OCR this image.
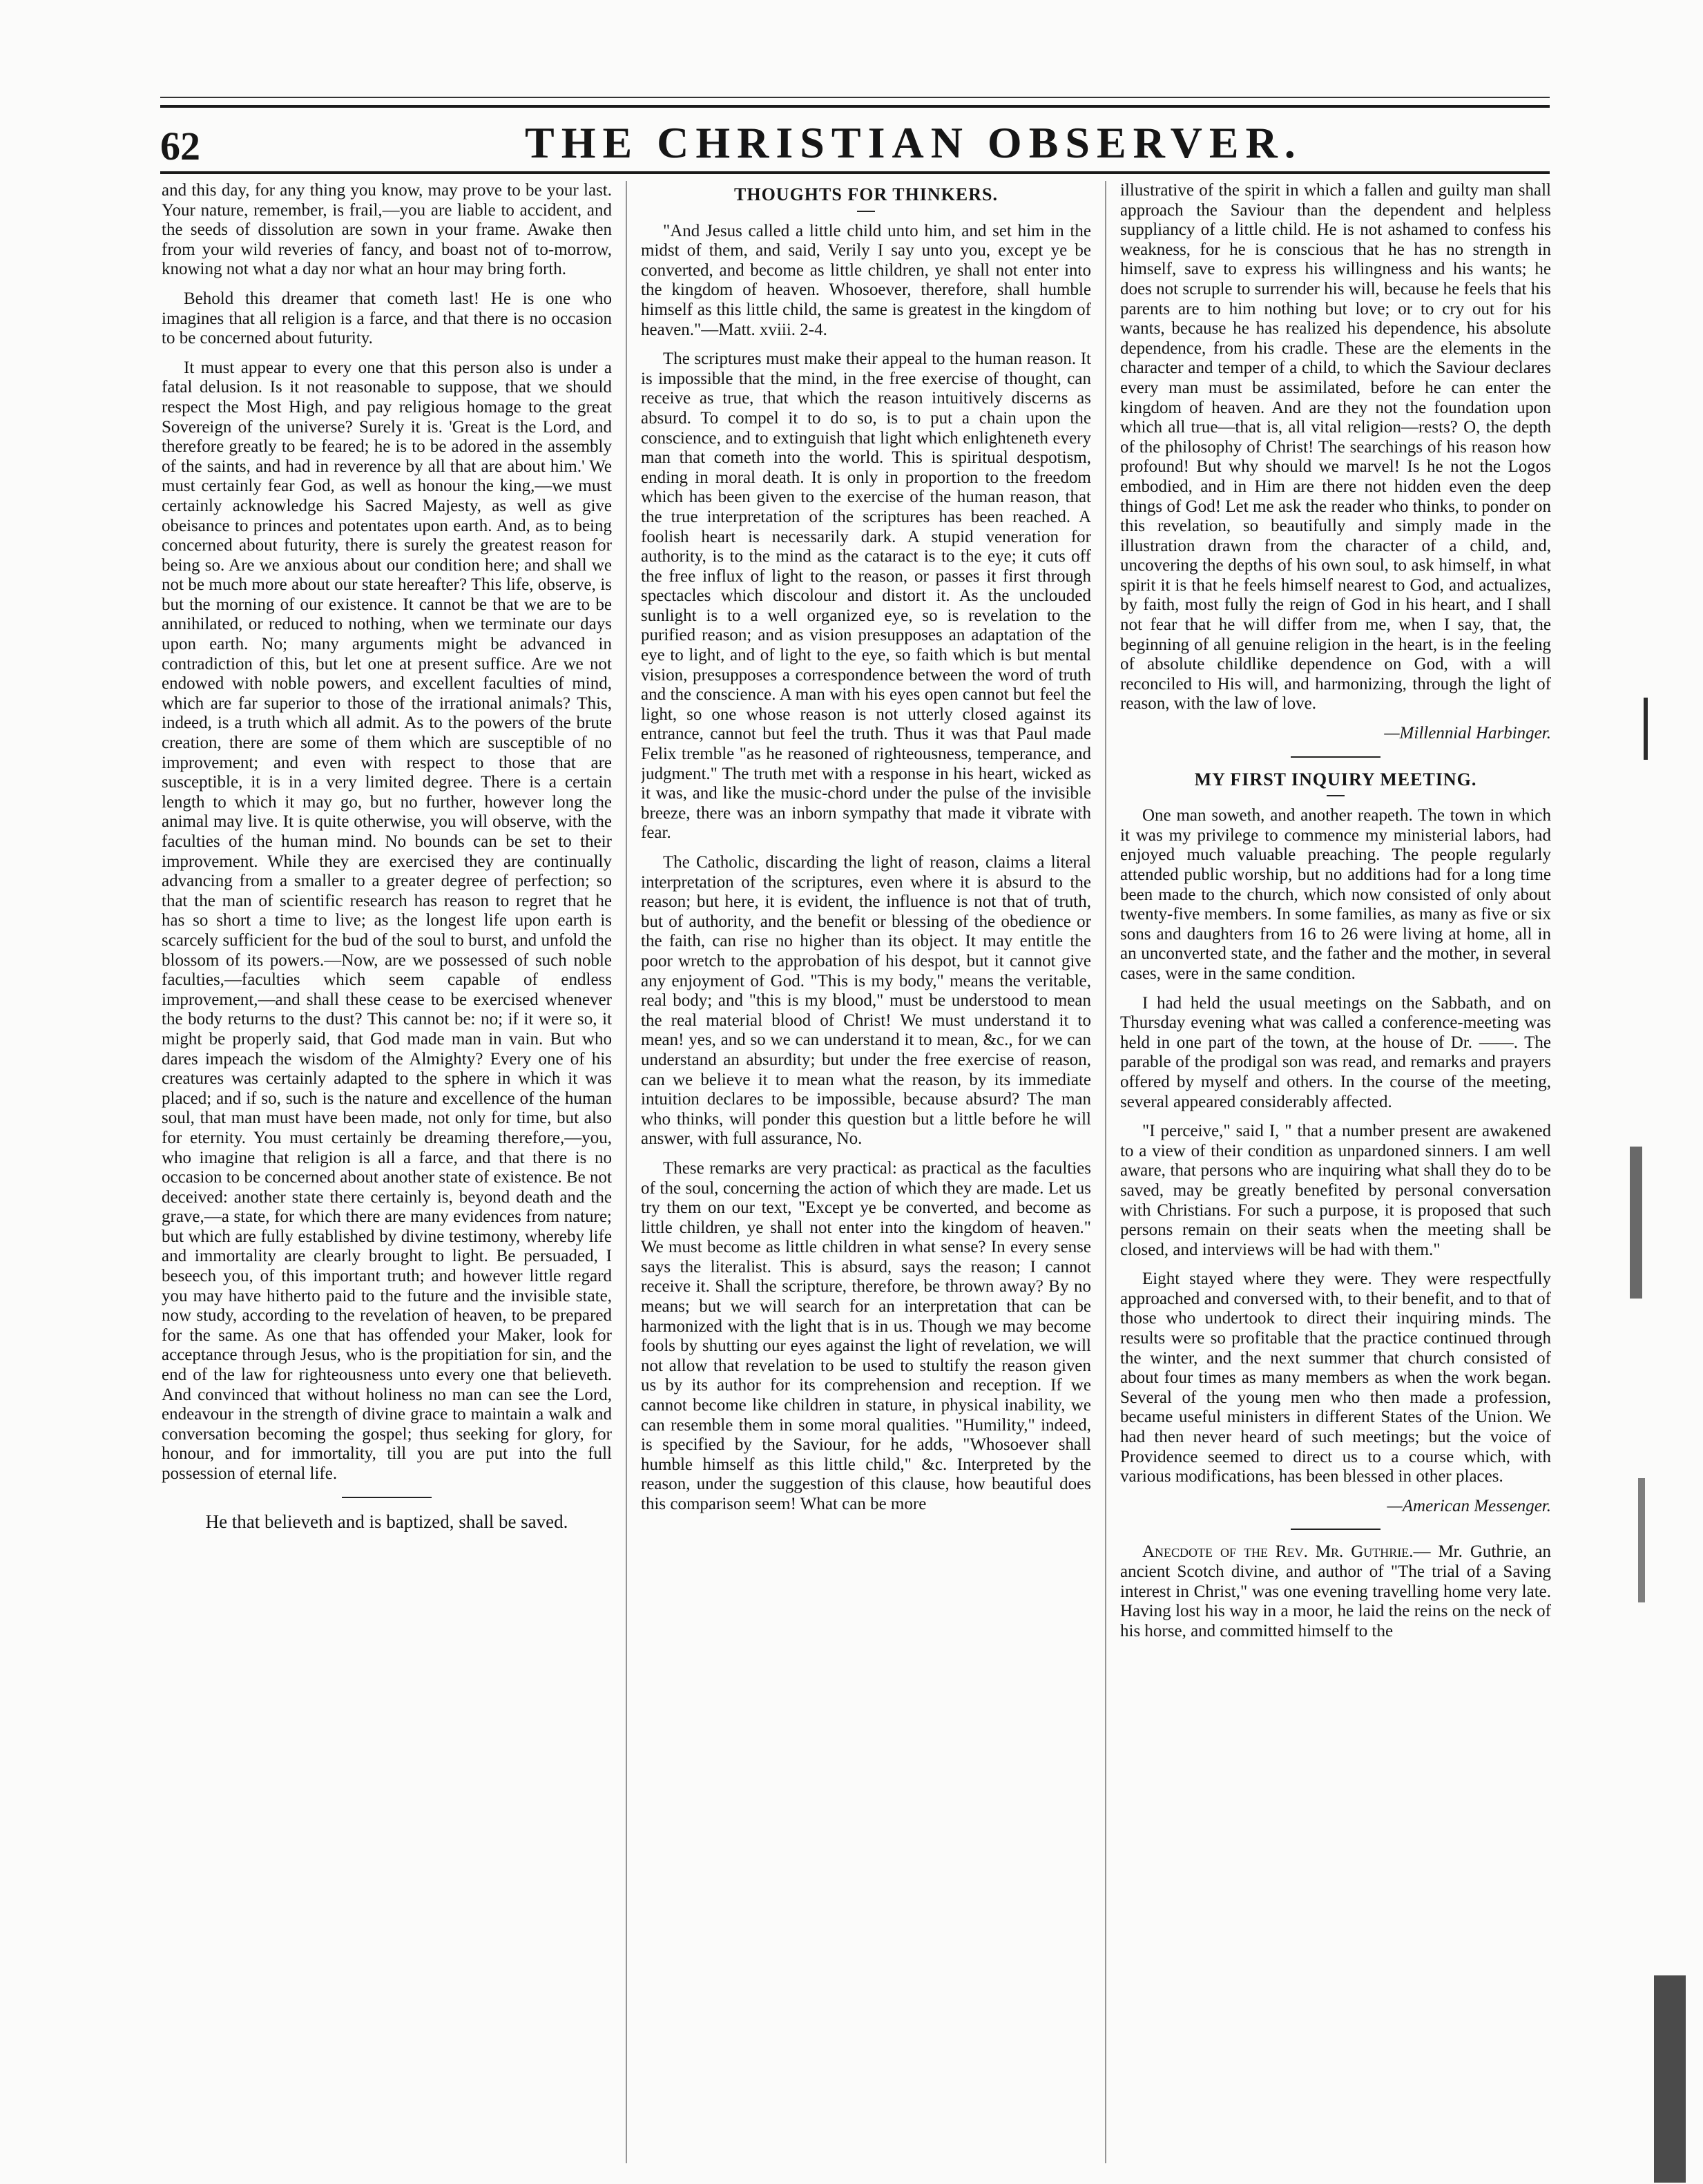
62	THE CHRISTIAN OBSERVER.

and this day, for any thing you know, may prove to be your last. Your nature, remember, is frail,—you are liable to accident, and the seeds of dissolution are sown in your frame. Awake then from your wild reveries of fancy, and boast not of to-morrow, knowing not what a day nor what an hour may bring forth.

Behold this dreamer that cometh last! He is one who imagines that all religion is a farce, and that there is no occasion to be concerned about futurity.

It must appear to every one that this person also is under a fatal delusion. Is it not reasonable to suppose, that we should respect the Most High, and pay religious homage to the great Sovereign of the universe? Surely it is. 'Great is the Lord, and therefore greatly to be feared; he is to be adored in the assembly of the saints, and had in reverence by all that are about him.' We must certainly fear God, as well as honour the king,—we must certainly acknowledge his Sacred Majesty, as well as give obeisance to princes and potentates upon earth. And, as to being concerned about futurity, there is surely the greatest reason for being so. Are we anxious about our condition here; and shall we not be much more about our state hereafter? This life, observe, is but the morning of our existence. It cannot be that we are to be annihilated, or reduced to nothing, when we terminate our days upon earth. No; many arguments might be advanced in contradiction of this, but let one at present suffice. Are we not endowed with noble powers, and excellent faculties of mind, which are far superior to those of the irrational animals? This, indeed, is a truth which all admit. As to the powers of the brute creation, there are some of them which are susceptible of no improvement; and even with respect to those that are susceptible, it is in a very limited degree. There is a certain length to which it may go, but no further, however long the animal may live. It is quite otherwise, you will observe, with the faculties of the human mind. No bounds can be set to their improvement. While they are exercised they are continually advancing from a smaller to a greater degree of perfection; so that the man of scientific research has reason to regret that he has so short a time to live; as the longest life upon earth is scarcely sufficient for the bud of the soul to burst, and unfold the blossom of its powers.—Now, are we possessed of such noble faculties,—faculties which seem capable of endless improvement,—and shall these cease to be exercised whenever the body returns to the dust? This cannot be: no; if it were so, it might be properly said, that God made man in vain. But who dares impeach the wisdom of the Almighty? Every one of his creatures was certainly adapted to the sphere in which it was placed; and if so, such is the nature and excellence of the human soul, that man must have been made, not only for time, but also for eternity. You must certainly be dreaming therefore,—you, who imagine that religion is all a farce, and that there is no occasion to be concerned about another state of existence. Be not deceived: another state there certainly is, beyond death and the grave,—a state, for which there are many evidences from nature; but which are fully established by divine testimony, whereby life and immortality are clearly brought to light. Be persuaded, I beseech you, of this important truth; and however little regard you may have hitherto paid to the future and the invisible state, now study, according to the revelation of heaven, to be prepared for the same. As one that has offended your Maker, look for acceptance through Jesus, who is the propitiation for sin, and the end of the law for righteousness unto every one that believeth. And convinced that without holiness no man can see the Lord, endeavour in the strength of divine grace to maintain a walk and conversation becoming the gospel; thus seeking for glory, for honour, and for immortality, till you are put into the full possession of eternal life.

He that believeth and is baptized, shall be saved.

THOUGHTS FOR THINKERS.

"And Jesus called a little child unto him, and set him in the midst of them, and said, Verily I say unto you, except ye be converted, and become as little children, ye shall not enter into the kingdom of heaven. Whosoever, therefore, shall humble himself as this little child, the same is greatest in the kingdom of heaven."—Matt. xviii. 2-4.

The scriptures must make their appeal to the human reason. It is impossible that the mind, in the free exercise of thought, can receive as true, that which the reason intuitively discerns as absurd. To compel it to do so, is to put a chain upon the conscience, and to extinguish that light which enlighteneth every man that cometh into the world. This is spiritual despotism, ending in moral death. It is only in proportion to the freedom which has been given to the exercise of the human reason, that the true interpretation of the scriptures has been reached. A foolish heart is necessarily dark. A stupid veneration for authority, is to the mind as the cataract is to the eye; it cuts off the free influx of light to the reason, or passes it first through spectacles which discolour and distort it. As the unclouded sunlight is to a well organized eye, so is revelation to the purified reason; and as vision presupposes an adaptation of the eye to light, and of light to the eye, so faith which is but mental vision, presupposes a correspondence between the word of truth and the conscience. A man with his eyes open cannot but feel the light, so one whose reason is not utterly closed against its entrance, cannot but feel the truth. Thus it was that Paul made Felix tremble "as he reasoned of righteousness, temperance, and judgment." The truth met with a response in his heart, wicked as it was, and like the music-chord under the pulse of the invisible breeze, there was an inborn sympathy that made it vibrate with fear.

The Catholic, discarding the light of reason, claims a literal interpretation of the scriptures, even where it is absurd to the reason; but here, it is evident, the influence is not that of truth, but of authority, and the benefit or blessing of the obedience or the faith, can rise no higher than its object. It may entitle the poor wretch to the approbation of his despot, but it cannot give any enjoyment of God. "This is my body," means the veritable, real body; and "this is my blood," must be understood to mean the real material blood of Christ! We must understand it to mean! yes, and so we can understand it to mean, &c., for we can understand an absurdity; but under the free exercise of reason, can we believe it to mean what the reason, by its immediate intuition declares to be impossible, because absurd? The man who thinks, will ponder this question but a little before he will answer, with full assurance, No.

These remarks are very practical: as practical as the faculties of the soul, concerning the action of which they are made. Let us try them on our text, "Except ye be converted, and become as little children, ye shall not enter into the kingdom of heaven." We must become as little children in what sense? In every sense says the literalist. This is absurd, says the reason; I cannot receive it. Shall the scripture, therefore, be thrown away? By no means; but we will search for an interpretation that can be harmonized with the light that is in us. Though we may become fools by shutting our eyes against the light of revelation, we will not allow that revelation to be used to stultify the reason given us by its author for its comprehension and reception. If we cannot become like children in stature, in physical inability, we can resemble them in some moral qualities. "Humility," indeed, is specified by the Saviour, for he adds, "Whosoever shall humble himself as this little child," &c. Interpreted by the reason, under the suggestion of this clause, how beautiful does this comparison seem! What can be more

illustrative of the spirit in which a fallen and guilty man shall approach the Saviour than the dependent and helpless suppliancy of a little child. He is not ashamed to confess his weakness, for he is conscious that he has no strength in himself, save to express his willingness and his wants; he does not scruple to surrender his will, because he feels that his parents are to him nothing but love; or to cry out for his wants, because he has realized his dependence, his absolute dependence, from his cradle. These are the elements in the character and temper of a child, to which the Saviour declares every man must be assimilated, before he can enter the kingdom of heaven. And are they not the foundation upon which all true—that is, all vital religion—rests? O, the depth of the philosophy of Christ! The searchings of his reason how profound! But why should we marvel! Is he not the Logos embodied, and in Him are there not hidden even the deep things of God! Let me ask the reader who thinks, to ponder on this revelation, so beautifully and simply made in the illustration drawn from the character of a child, and, uncovering the depths of his own soul, to ask himself, in what spirit it is that he feels himself nearest to God, and actualizes, by faith, most fully the reign of God in his heart, and I shall not fear that he will differ from me, when I say, that, the beginning of all genuine religion in the heart, is in the feeling of absolute childlike dependence on God, with a will reconciled to His will, and harmonizing, through the light of reason, with the law of love.

—Millennial Harbinger.

MY FIRST INQUIRY MEETING.

One man soweth, and another reapeth. The town in which it was my privilege to commence my ministerial labors, had enjoyed much valuable preaching. The people regularly attended public worship, but no additions had for a long time been made to the church, which now consisted of only about twenty-five members. In some families, as many as five or six sons and daughters from 16 to 26 were living at home, all in an unconverted state, and the father and the mother, in several cases, were in the same condition.

I had held the usual meetings on the Sabbath, and on Thursday evening what was called a conference-meeting was held in one part of the town, at the house of Dr. ——. The parable of the prodigal son was read, and remarks and prayers offered by myself and others. In the course of the meeting, several appeared considerably affected.

"I perceive," said I, " that a number present are awakened to a view of their condition as unpardoned sinners. I am well aware, that persons who are inquiring what shall they do to be saved, may be greatly benefited by personal conversation with Christians. For such a purpose, it is proposed that such persons remain on their seats when the meeting shall be closed, and interviews will be had with them."

Eight stayed where they were. They were respectfully approached and conversed with, to their benefit, and to that of those who undertook to direct their inquiring minds. The results were so profitable that the practice continued through the winter, and the next summer that church consisted of about four times as many members as when the work began. Several of the young men who then made a profession, became useful ministers in different States of the Union. We had then never heard of such meetings; but the voice of Providence seemed to direct us to a course which, with various modifications, has been blessed in other places.

—American Messenger.

Anecdote of the Rev. Mr. Guthrie.— Mr. Guthrie, an ancient Scotch divine, and author of "The trial of a Saving interest in Christ," was one evening travelling home very late. Having lost his way in a moor, he laid the reins on the neck of his horse, and committed himself to the
